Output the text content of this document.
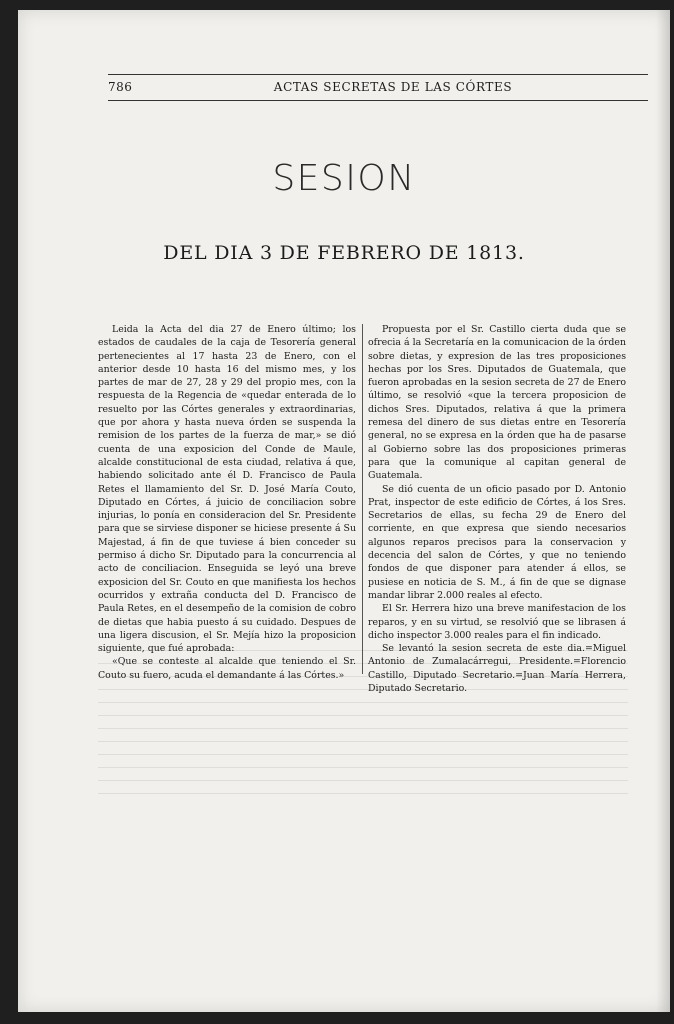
786	ACTAS SECRETAS DE LAS CÓRTES
SESION
DEL DIA 3 DE FEBRERO DE 1813.

Leida la Acta del dia 27 de Enero último; los estados de caudales de la caja de Tesorería general pertenecientes al 17 hasta 23 de Enero, con el anterior desde 10 hasta 16 del mismo mes, y los partes de mar de 27, 28 y 29 del propio mes, con la respuesta de la Regencia de «quedar enterada de lo resuelto por las Córtes generales y extraordinarias, que por ahora y hasta nueva órden se suspenda la remision de los partes de la fuerza de mar,» se dió cuenta de una exposicion del Conde de Maule, alcalde constitucional de esta ciudad, relativa á que, habiendo solicitado ante él D. Francisco de Paula Retes el llamamiento del Sr. D. José María Couto, Diputado en Córtes, á juicio de conciliacion sobre injurias, lo ponía en consideracion del Sr. Presidente para que se sirviese disponer se hiciese presente á Su Majestad, á fin de que tuviese á bien conceder su permiso á dicho Sr. Diputado para la concurrencia al acto de conciliacion. Enseguida se leyó una breve exposicion del Sr. Couto en que manifiesta los hechos ocurridos y extraña conducta del D. Francisco de Paula Retes, en el desempeño de la comision de cobro de dietas que habia puesto á su cuidado. Despues de una ligera discusion, el Sr. Mejía hizo la proposicion siguiente, que fué aprobada:

«Que se conteste al alcalde que teniendo el Sr. Couto su fuero, acuda el demandante á las Córtes.»

Propuesta por el Sr. Castillo cierta duda que se ofrecia á la Secretaría en la comunicacion de la órden sobre dietas, y expresion de las tres proposiciones hechas por los Sres. Diputados de Guatemala, que fueron aprobadas en la sesion secreta de 27 de Enero último, se resolvió «que la tercera proposicion de dichos Sres. Diputados, relativa á que la primera remesa del dinero de sus dietas entre en Tesorería general, no se expresa en la órden que ha de pasarse al Gobierno sobre las dos proposiciones primeras para que la comunique al capitan general de Guatemala.

Se dió cuenta de un oficio pasado por D. Antonio Prat, inspector de este edificio de Córtes, á los Sres. Secretarios de ellas, su fecha 29 de Enero del corriente, en que expresa que siendo necesarios algunos reparos precisos para la conservacion y decencia del salon de Córtes, y que no teniendo fondos de que disponer para atender á ellos, se pusiese en noticia de S. M., á fin de que se dignase mandar librar 2.000 reales al efecto.

El Sr. Herrera hizo una breve manifestacion de los reparos, y en su virtud, se resolvió que se librasen á dicho inspector 3.000 reales para el fin indicado.

Se levantó la sesion secreta de este dia.=Miguel Antonio de Zumalacárregui, Presidente.=Florencio Castillo, Diputado Secretario.=Juan María Herrera, Diputado Secretario.
